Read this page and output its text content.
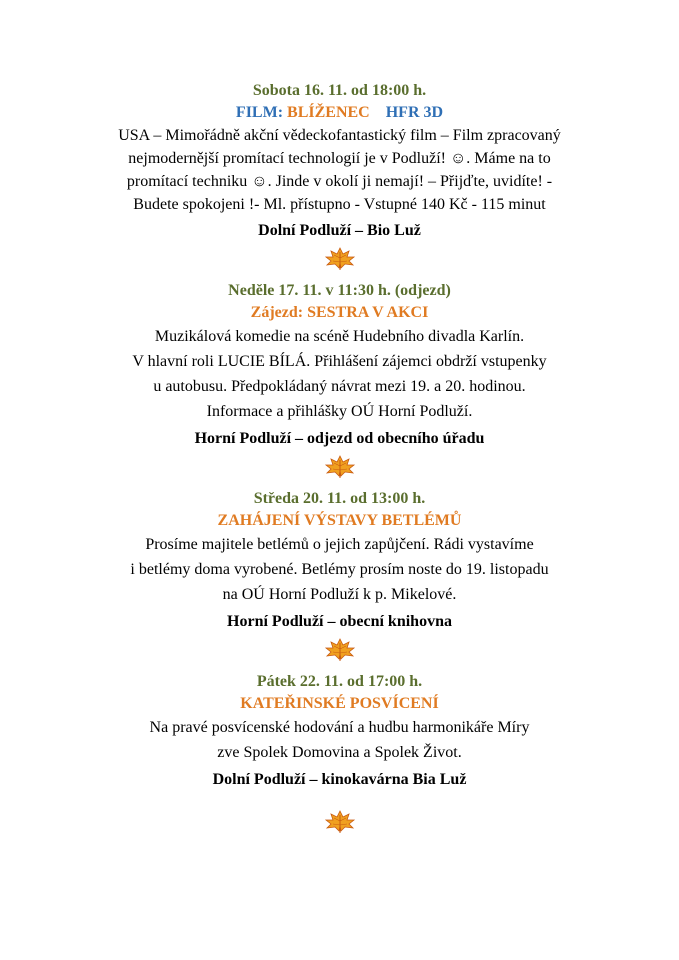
Sobota 16. 11. od 18:00 h.
FILM: BLÍŽENEC HFR 3D
USA – Mimořádně akční vědeckofantastický film – Film zpracovaný
nejmodernější promítací technologií je v Podluží! ☺. Máme na to
promítací techniku ☺. Jinde v okolí ji nemají! – Přijďte, uvidíte! -
Budete spokojeni !- Ml. přístupno - Vstupné 140 Kč - 115 minut
Dolní Podluží – Bio Luž
Neděle 17. 11. v 11:30 h. (odjezd)
Zájezd: SESTRA V AKCI
Muzikálová komedie na scéně Hudebního divadla Karlín.
V hlavní roli LUCIE BÍLÁ. Přihlášení zájemci obdrží vstupenky
u autobusu. Předpokládaný návrat mezi 19. a 20. hodinou.
Informace a přihlášky OÚ Horní Podluží.
Horní Podluží – odjezd od obecního úřadu
Středa 20. 11. od 13:00 h.
ZAHÁJENÍ VÝSTAVY BETLÉMŮ
Prosíme majitele betlémů o jejich zapůjčení. Rádi vystavíme
i betlémy doma vyrobené. Betlémy prosím noste do 19. listopadu
na OÚ Horní Podluží k p. Mikelové.
Horní Podluží – obecní knihovna
Pátek 22. 11. od 17:00 h.
KATEŘINSKÉ POSVÍCENÍ
Na pravé posvícenské hodování a hudbu harmonikáře Míry
zve Spolek Domovina a Spolek Život.
Dolní Podluží – kinokavárna Bia Luž
